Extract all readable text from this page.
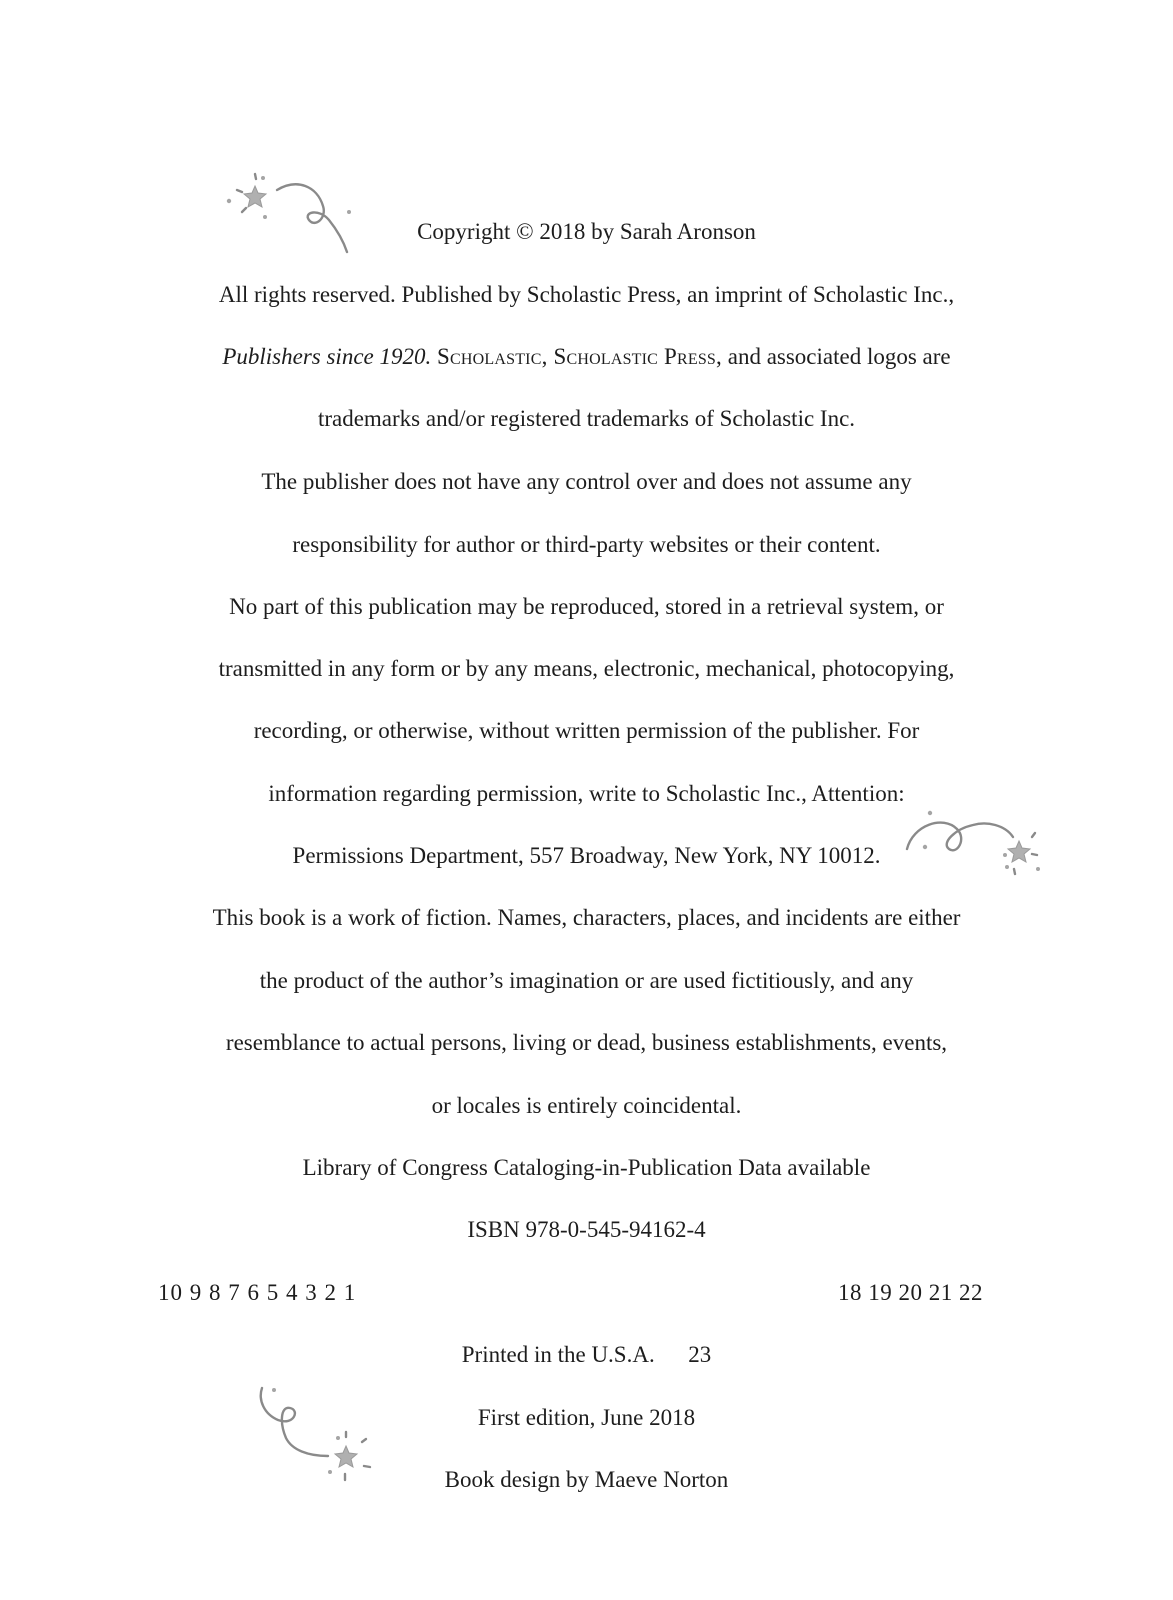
Copyright © 2018 by Sarah Aronson
All rights reserved. Published by Scholastic Press, an imprint of Scholastic Inc.,
Publishers since 1920. Scholastic, Scholastic Press, and associated logos are
trademarks and/or registered trademarks of Scholastic Inc.
The publisher does not have any control over and does not assume any
responsibility for author or third-party websites or their content.
No part of this publication may be reproduced, stored in a retrieval system, or
transmitted in any form or by any means, electronic, mechanical, photocopying,
recording, or otherwise, without written permission of the publisher. For
information regarding permission, write to Scholastic Inc., Attention:
Permissions Department, 557 Broadway, New York, NY 10012.
This book is a work of fiction. Names, characters, places, and incidents are either
the product of the author’s imagination or are used fictitiously, and any
resemblance to actual persons, living or dead, business establishments, events,
or locales is entirely coincidental.
Library of Congress Cataloging-in-Publication Data available
ISBN 978-0-545-94162-4
10 9 8 7 6 5 4 3 2 1	18 19 20 21 22
Printed in the U.S.A. 23
First edition, June 2018
Book design by Maeve Norton
